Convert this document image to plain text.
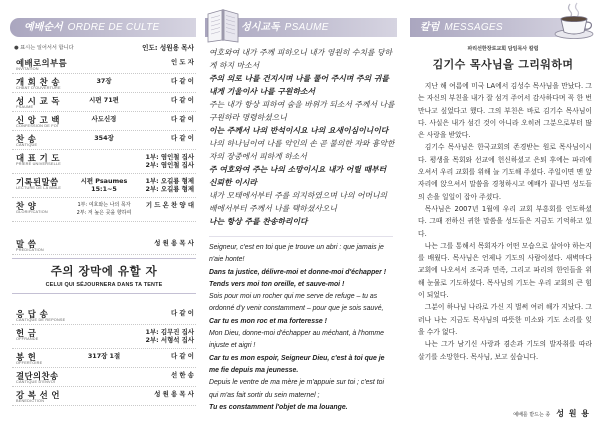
예배순서 ORDRE DE CULTE
● 표시는 일어서서 합니다	인도: 성원용 목사
예배로의부름
INVITATION
인 도 자
개 회 찬 송
CHANT D'OUVERTURE
37장	다 같 이
성 시 교 독
PSAUME
시편 71편	다 같 이
신 앙 고 백
CONFESSION DE FOI
사도신경	다 같 이
찬 송
CANTIQUE
354장	다 같 이
대 표 기 도
PRIERE UNIVERSELLE
1부: 염인철 집사
2부: 염인철 집사
기록된말씀
LECTURE DE LA BIBLE
시편 Psaumes
15:1~5
1부: 오길룡 형제
2부: 오길룡 형제
찬 양
GLORIFICATION
1부: 여호와는 나의 목자
2부: 저 높은 곳을 향하여
기 드 온 찬 양 대
말 씀
PREDICATION
성 원 용 목 사
주의 장막에 유할 자
CELUI QUI SÉJOURNERA DANS TA TENTE
응 답 송
CANTIQUE DE REPONSE
다 같 이
헌 금
OFFRANDE
1부: 김무진 집사
2부: 서형석 집사
봉 헌
OFFERTOIRE
317장 1절	다 같 이
결단의찬송
CANTIQUE D'ENVOI
선 한 송
강 복 선 언
BENEDICTION
성 원 용 목 사
성시교독 PSAUME

여호와여 내가 주께 피하오니 내가 영원히 수치를 당하게 하지 마소서

주의 의로 나를 건지시며 나를 풀어 주시며 주의 귀를 내게 기울이사 나를 구원하소서

주는 내가 항상 피하여 숨을 바위가 되소서 주께서 나를 구원하라 명령하셨으니

이는 주께서 나의 반석이시요 나의 요새이심이니이다

나의 하나님이여 나를 악인의 손 곧 불의한 자와 흉악한 자의 장중에서 피하게 하소서

주 여호와여 주는 나의 소망이시요 내가 어릴 때부터 신뢰한 이시라

내가 모태에서부터 주를 의지하였으며 나의 어머니의 배에서부터 주께서 나를 택하셨사오니

나는 항상 주를 찬송하리이다

Seigneur, c'est en toi que je trouve un abri : que jamais je n'aie honte!

Dans ta justice, délivre-moi et donne-moi d'échapper ! Tends vers moi ton oreille, et sauve-moi !

Sois pour moi un rocher qui me serve de refuge – tu as ordonné d'y venir constamment – pour que je sois sauvé,

Car tu es mon roc et ma forteresse !

Mon Dieu, donne-moi d'échapper au méchant, à l'homme injuste et aigri !

Car tu es mon espoir, Seigneur Dieu, c'est à toi que je me fie depuis ma jeunesse.

Depuis le ventre de ma mère je m'appuie sur toi ; c'est toi qui m'as fait sortir du sein maternel ;

Tu es constamment l'objet de ma louange.

칼럼 MESSAGES
파리선한장로교회 담임목사 칼럼
김기수 목사님을 그리워하며

지난 해 여름에 미국 LA에서 김성수 목사님을 만났다. 그는 자신의 부친을 내가 잘 섬겨 주어서 감사하다며 꼭 한 번 만나고 싶었다고 했다. 그의 부친은 바로 김기수 목사님이다. 사실은 내가 섬긴 것이 아니라 오히려 그분으로부터 많은 사랑을 받았다.

김기수 목사님은 한국교회의 존경받는 원로 목사님이시다. 평생을 목회와 선교에 헌신하셨고 은퇴 후에는 파리에 오셔서 우리 교회를 위해 늘 기도해 주셨다. 주일이면 맨 앞자리에 앉으셔서 말씀을 경청하시고 예배가 끝나면 성도들의 손을 일일이 잡아 주셨다.

목사님은 2007년 1월에 우리 교회 부흥회를 인도하셨다. 그때 전하신 귀한 말씀을 성도들은 지금도 기억하고 있다.

나는 그를 통해서 목회자가 어떤 모습으로 살아야 하는지를 배웠다. 목사님은 언제나 기도의 사람이셨다. 새벽마다 교회에 나오셔서 조국과 민족, 그리고 파리의 한인들을 위해 눈물로 기도하셨다. 목사님의 기도는 우리 교회의 큰 힘이 되었다.

그분이 하나님 나라로 가신 지 벌써 여러 해가 지났다. 그러나 나는 지금도 목사님의 따뜻한 미소와 기도 소리를 잊을 수가 없다.

나는 그가 남기신 사랑과 겸손과 기도의 발자취를 따라 살기를 소망한다. 목사님, 보고 싶습니다.

예배를 받드는 종 성 원 용
